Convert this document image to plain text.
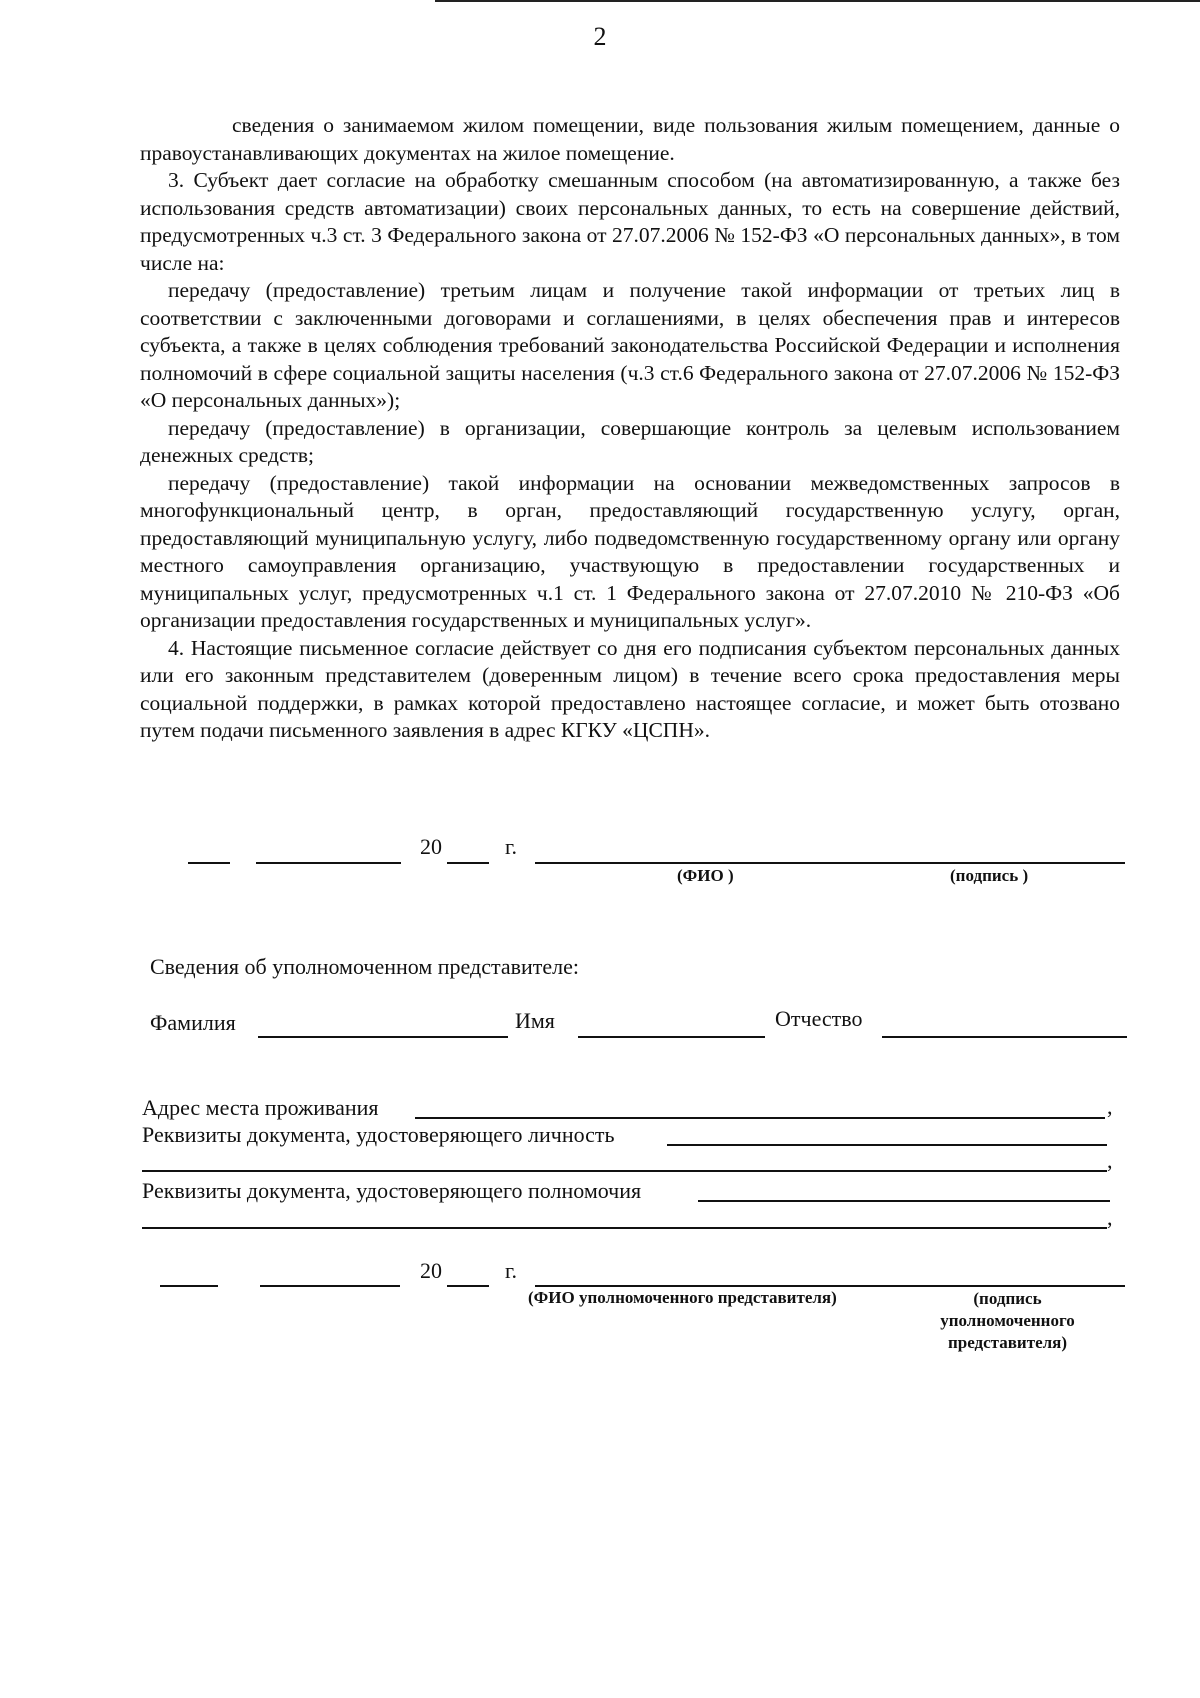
2

сведения о занимаемом жилом помещении, виде пользования жилым помещением, данные о правоустанавливающих документах на жилое помещение.

3. Субъект дает согласие на обработку смешанным способом (на автоматизированную, а также без использования средств автоматизации) своих персональных данных, то есть на совершение действий, предусмотренных ч.3 ст. 3 Федерального закона от 27.07.2006 № 152-ФЗ «О персональных данных», в том числе на:

передачу (предоставление) третьим лицам и получение такой информации от третьих лиц в соответствии с заключенными договорами и соглашениями, в целях обеспечения прав и интересов субъекта, а также в целях соблюдения требований законодательства Российской Федерации и исполнения полномочий в сфере социальной защиты населения (ч.3 ст.6 Федерального закона от 27.07.2006 № 152-ФЗ «О персональных данных»);

передачу (предоставление) в организации, совершающие контроль за целевым использованием денежных средств;

передачу (предоставление) такой информации на основании межведомственных запросов в многофункциональный центр, в орган, предоставляющий государственную услугу, орган, предоставляющий муниципальную услугу, либо подведомственную государственному органу или органу местного самоуправления организацию, участвующую в предоставлении государственных и муниципальных услуг, предусмотренных ч.1 ст. 1 Федерального закона от 27.07.2010 № 210-ФЗ «Об организации предоставления государственных и муниципальных услуг».

4. Настоящие письменное согласие действует со дня его подписания субъектом персональных данных или его законным представителем (доверенным лицом) в течение всего срока предоставления меры социальной поддержки, в рамках которой предоставлено настоящее согласие, и может быть отозвано путем подачи письменного заявления в адрес КГКУ «ЦСПН».

20	г.
(ФИО )	(подпись )
Сведения об уполномоченном представителе:
Фамилия	Имя	Отчество
Адрес места проживания	,
Реквизиты документа, удостоверяющего личность
,
Реквизиты документа, удостоверяющего полномочия
,
20	г.
(ФИО уполномоченного представителя)	(подпись уполномоченного представителя)
